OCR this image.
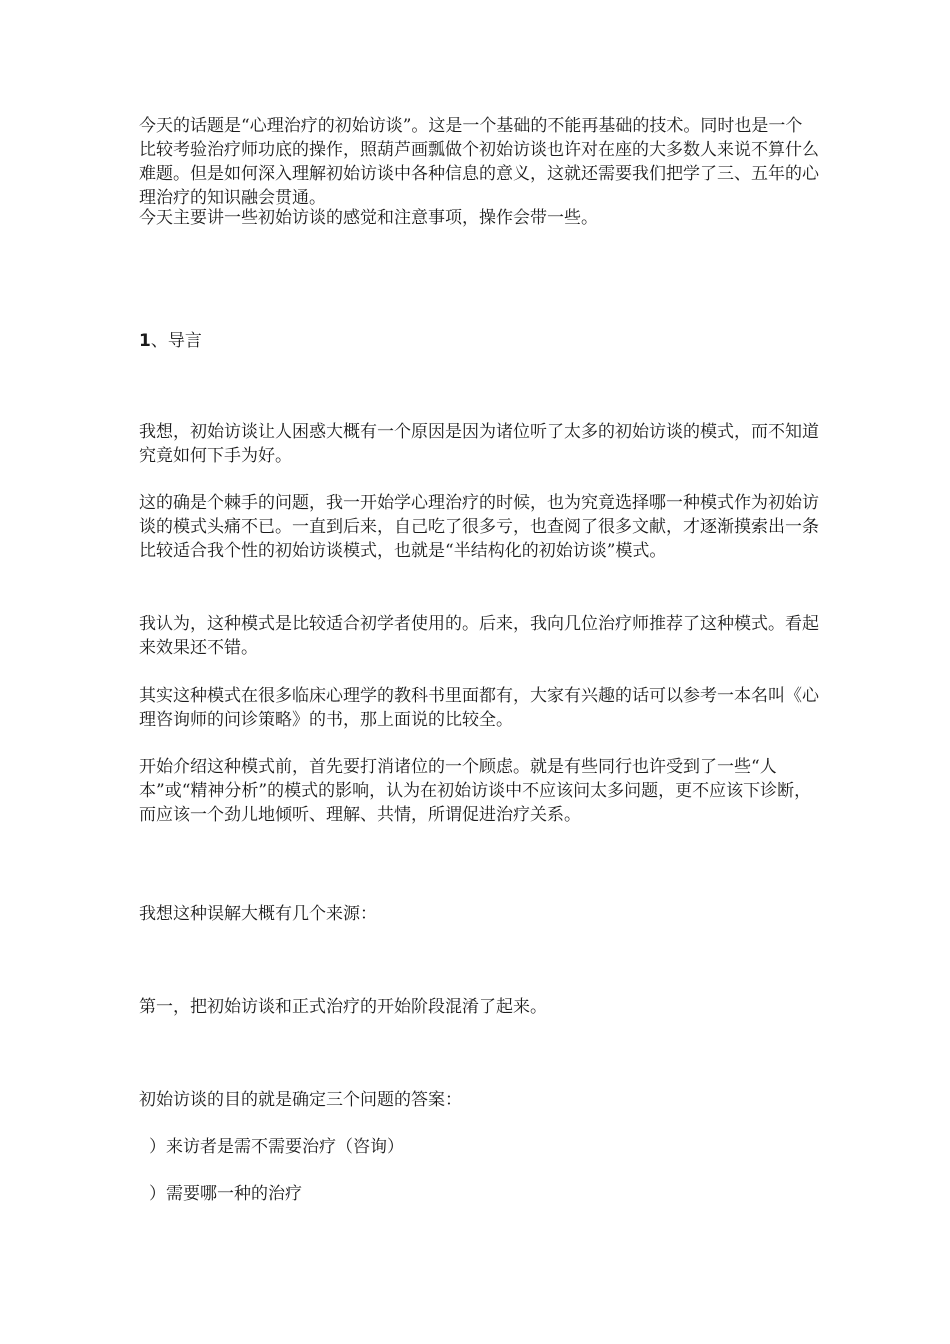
今天的话题是“心理治疗的初始访谈”。这是一个基础的不能再基础的技术。同时也是一个比较考验治疗师功底的操作，照葫芦画瓢做个初始访谈也许对在座的大多数人来说不算什么难题。但是如何深入理解初始访谈中各种信息的意义，这就还需要我们把学了三、五年的心理治疗的知识融会贯通。

今天主要讲一些初始访谈的感觉和注意事项，操作会带一些。

1、导言

我想，初始访谈让人困惑大概有一个原因是因为诸位听了太多的初始访谈的模式，而不知道究竟如何下手为好。

这的确是个棘手的问题，我一开始学心理治疗的时候，也为究竟选择哪一种模式作为初始访谈的模式头痛不已。一直到后来，自己吃了很多亏，也查阅了很多文献，才逐渐摸索出一条比较适合我个性的初始访谈模式，也就是“半结构化的初始访谈”模式。

我认为，这种模式是比较适合初学者使用的。后来，我向几位治疗师推荐了这种模式。看起来效果还不错。

其实这种模式在很多临床心理学的教科书里面都有，大家有兴趣的话可以参考一本名叫《心理咨询师的问诊策略》的书，那上面说的比较全。

开始介绍这种模式前，首先要打消诸位的一个顾虑。就是有些同行也许受到了一些“人本”或“精神分析”的模式的影响，认为在初始访谈中不应该问太多问题，更不应该下诊断，而应该一个劲儿地倾听、理解、共情，所谓促进治疗关系。

我想这种误解大概有几个来源：

第一，把初始访谈和正式治疗的开始阶段混淆了起来。

初始访谈的目的就是确定三个问题的答案：

）来访者是需不需要治疗（咨询）

）需要哪一种的治疗
